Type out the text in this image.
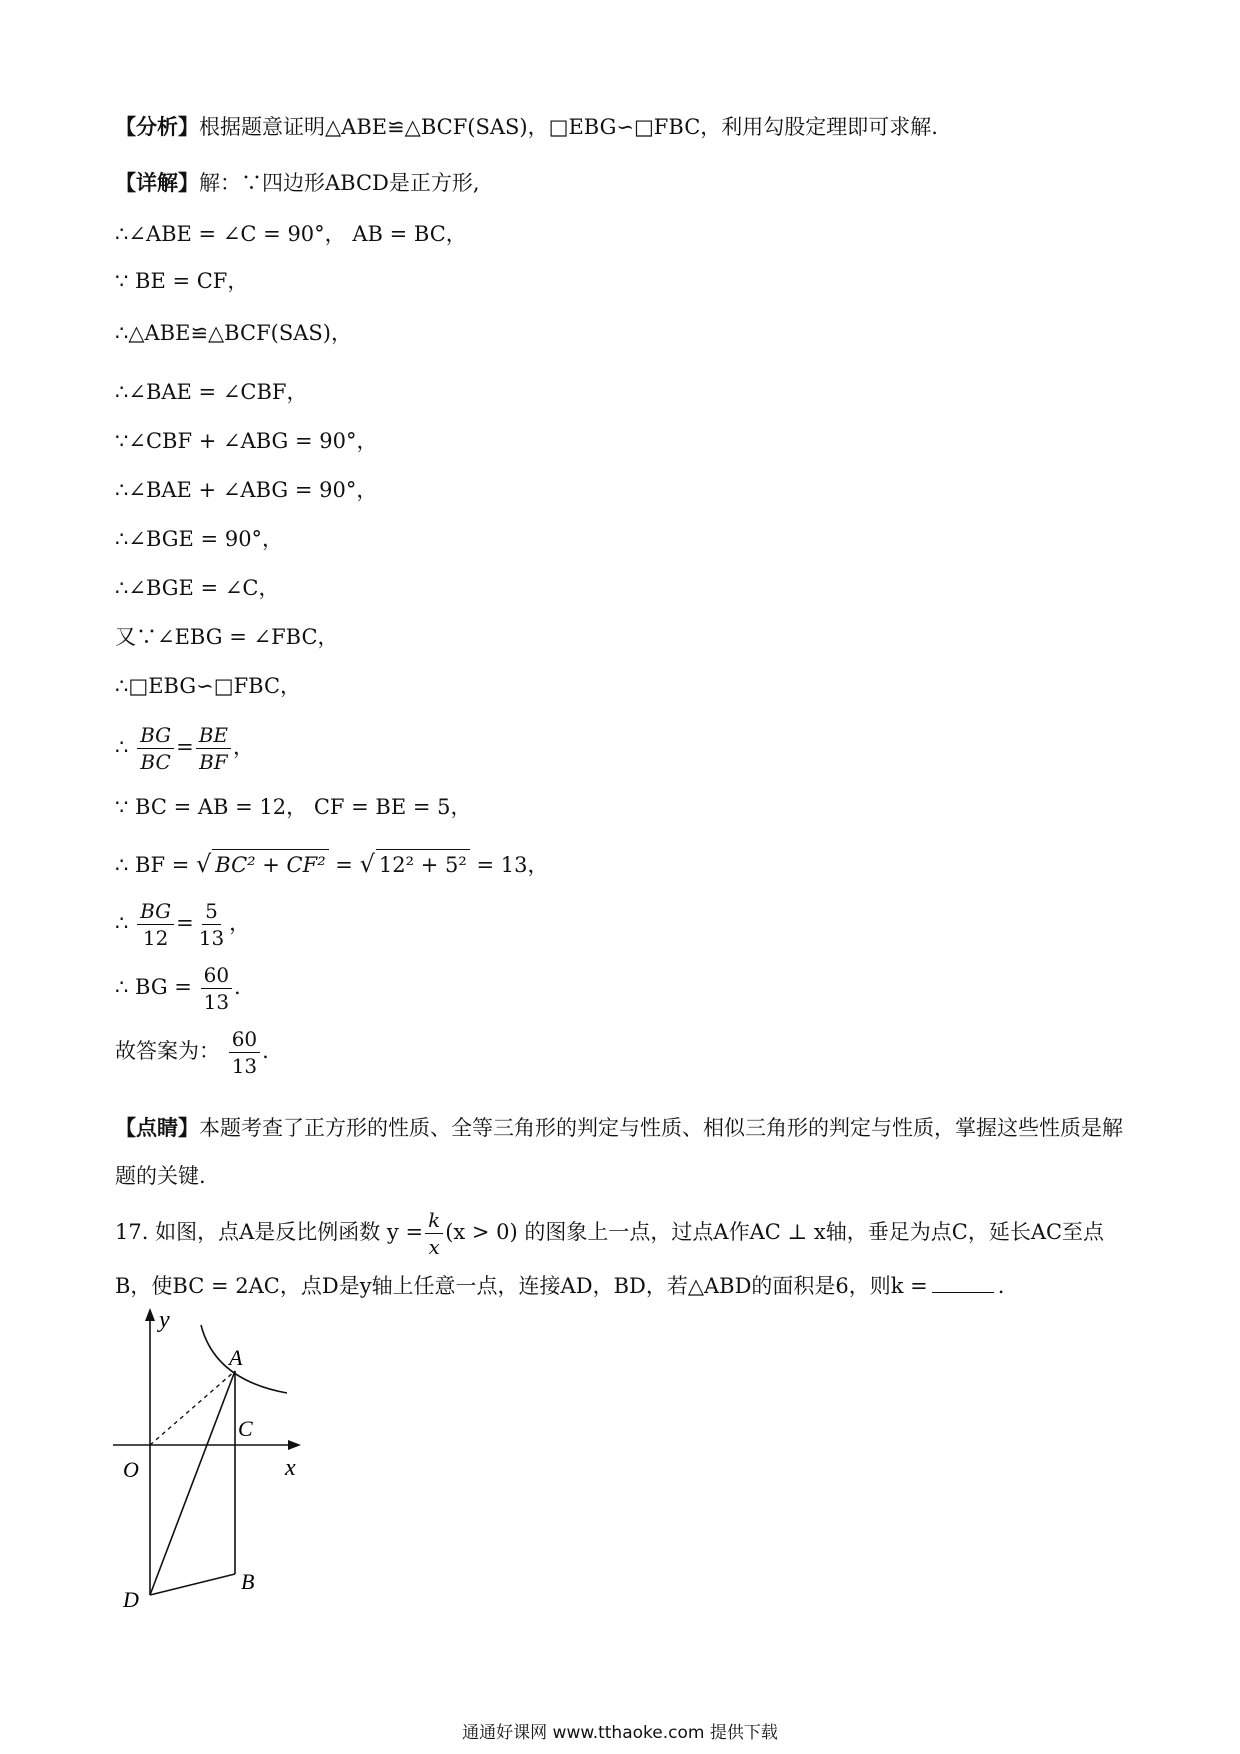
【分析】根据题意证明△ABE≌△BCF(SAS)，□EBG∽□FBC，利用勾股定理即可求解.
【详解】解：∵四边形ABCD是正方形,
∴∠ABE = ∠C = 90°， AB = BC，
∵ BE = CF，
∴△ABE≌△BCF(SAS)，
∴∠BAE = ∠CBF，
∵∠CBF + ∠ABG = 90°，
∴∠BAE + ∠ABG = 90°，
∴∠BGE = 90°，
∴∠BGE = ∠C，
又∵∠EBG = ∠FBC，
∴□EBG∽□FBC，
∴ $\frac{BG}{BC} = \frac{BE}{BF}$ ，
∵ BC = AB = 12， CF = BE = 5，
∴ BF = √ BC² + CF² = √ 12² + 5² = 13，
∴ $\frac{BG}{12} = \frac{5}{13}$ ，
∴ BG = $\frac{60}{13}$ .
故答案为： $\frac{60}{13}$ .
【点睛】本题考查了正方形的性质、全等三角形的判定与性质、相似三角形的判定与性质，掌握这些性质是解题的关键.
17. 如图，点A是反比例函数 $y = \frac{k}{x} (x > 0)$ 的图象上一点，过点A作AC ⊥ x轴，垂足为点C，延长AC至点B，使BC = 2AC，点D是y轴上任意一点，连接AD，BD，若△ABD的面积是6，则k =	.
y
x
O
A
C
B
D
通通好课网 www.tthaoke.com 提供下载
